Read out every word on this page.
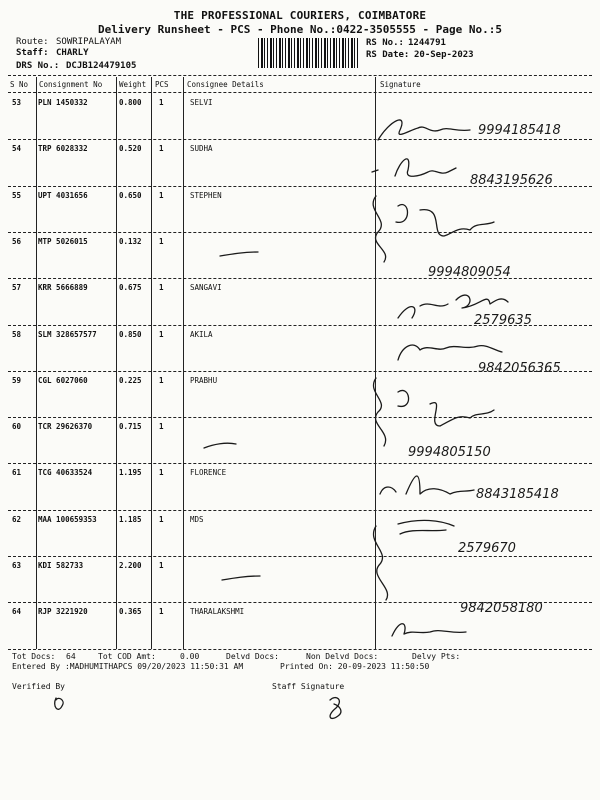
THE PROFESSIONAL COURIERS, COIMBATORE
Delivery Runsheet - PCS - Phone No.:0422-3505555 - Page No.:5
Route: SOWRIPALAYAM
Staff: CHARLY
DRS No.: DCJB124479105
RS No.: 1244791
RS Date: 20-Sep-2023
S No Consignment No Weight PCS Consignee Details	Signature
53 PLN 1450332	0.800 1	SELVI
54 TRP 6028332	0.520 1	SUDHA
55 UPT 4031656	0.650 1	STEPHEN
56 MTP 5026015	0.132 1
57 KRR 5666889	0.675 1	SANGAVI
58 SLM 328657577	0.850 1	AKILA
59 CGL 6027060	0.225 1	PRABHU
60 TCR 29626370	0.715 1
61 TCG 40633524	1.195 1	FLORENCE
62 MAA 100659353	1.185 1	MDS
63 KDI 582733	2.200 1
64 RJP 3221920	0.365 1	THARALAKSHMI
Tot Docs: 64	Tot COD Amt:	0.00	Delvd Docs:	Non Delvd Docs:	Delvy Pts:
Entered By :MADHUMITHAPCS 09/20/2023 11:50:31 AM	Printed On: 20-09-2023 11:50:50
Verified By	Staff Signature
9994185418
8843195626
9994809054
2579635
9842056365
9994805150
8843185418
2579670
9842058180
